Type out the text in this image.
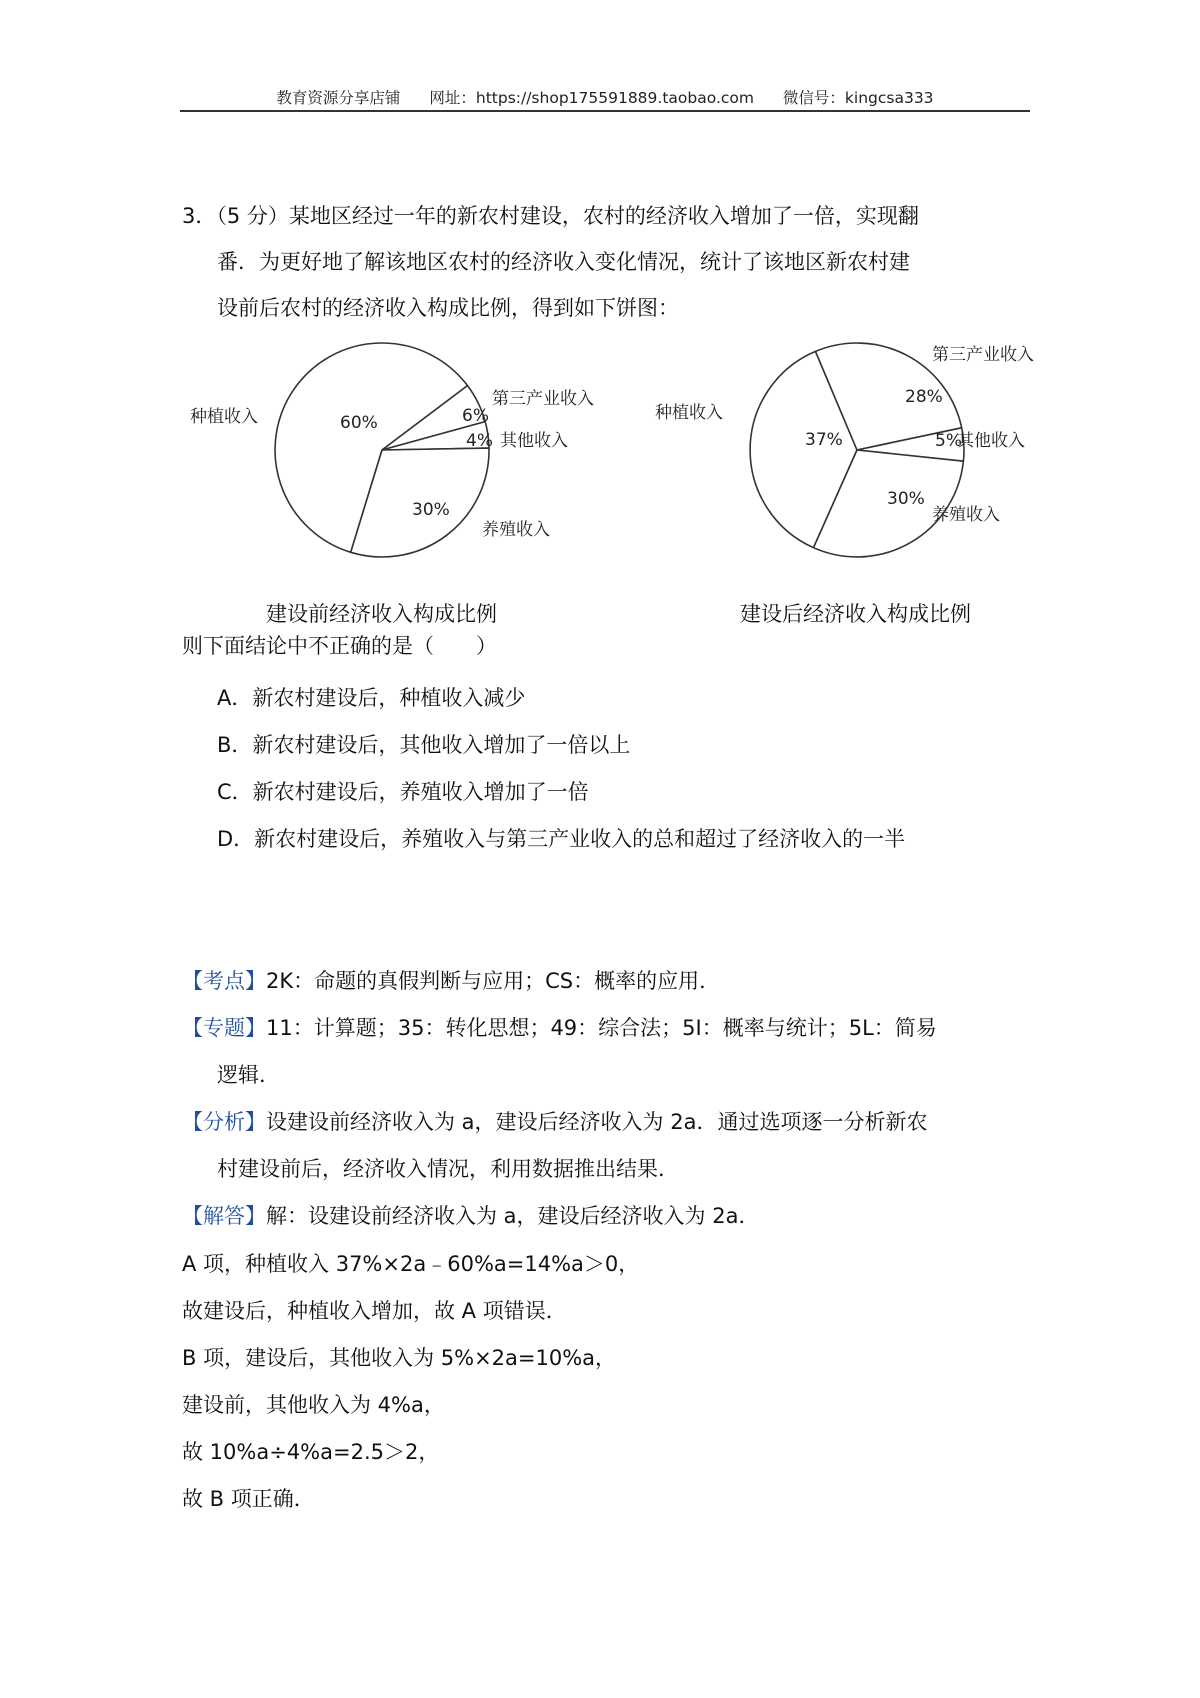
教育资源分享店铺 网址：https://shop175591889.taobao.com 微信号：kingcsa333
3．（5 分）某地区经过一年的新农村建设，农村的经济收入增加了一倍，实现翻
番．为更好地了解该地区农村的经济收入变化情况，统计了该地区新农村建
设前后农村的经济收入构成比例，得到如下饼图：
60%	6%
4%
30%
种植收入
第三产业收入
其他收入
养殖收入
37%
28%
5%
30%
种植收入
第三产业收入
其他收入
养殖收入
建设前经济收入构成比例	建设后经济收入构成比例
则下面结论中不正确的是（　　）
A．新农村建设后，种植收入减少
B．新农村建设后，其他收入增加了一倍以上
C．新农村建设后，养殖收入增加了一倍
D．新农村建设后，养殖收入与第三产业收入的总和超过了经济收入的一半
【考点】2K：命题的真假判断与应用；CS：概率的应用．
【专题】11：计算题；35：转化思想；49：综合法；5I：概率与统计；5L：简易
逻辑．
【分析】设建设前经济收入为 a，建设后经济收入为 2a．通过选项逐一分析新农
村建设前后，经济收入情况，利用数据推出结果．
【解答】解：设建设前经济收入为 a，建设后经济收入为 2a．
A 项，种植收入 37%×2a﹣60%a=14%a＞0，
故建设后，种植收入增加，故 A 项错误．
B 项，建设后，其他收入为 5%×2a=10%a，
建设前，其他收入为 4%a，
故 10%a÷4%a=2.5＞2，
故 B 项正确．
